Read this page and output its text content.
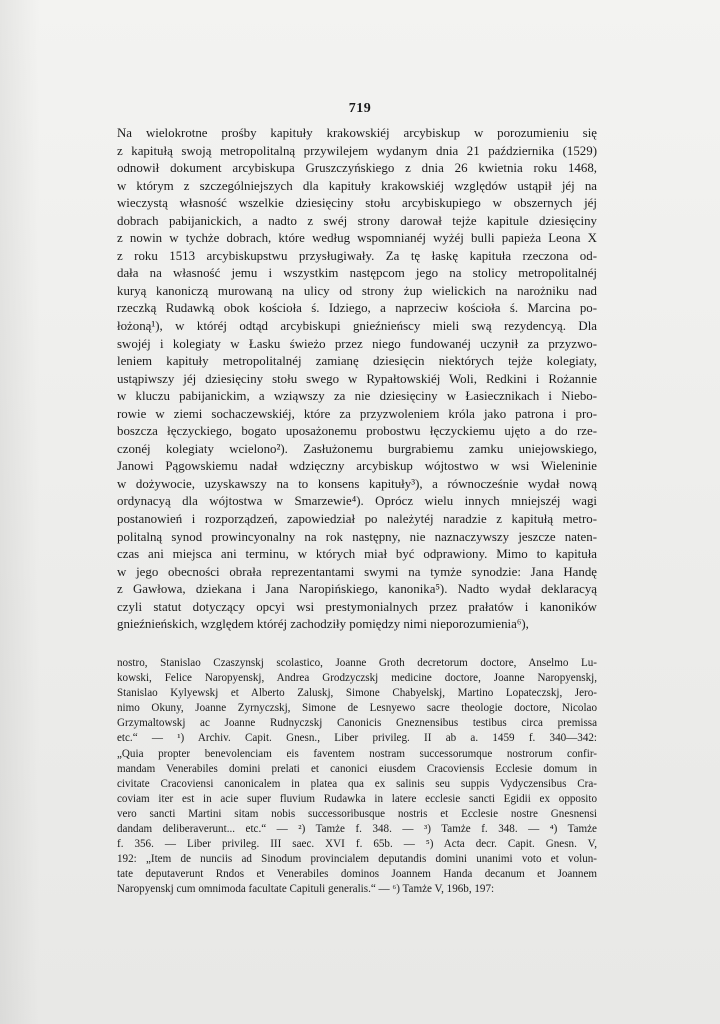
719
Na wielokrotne prośby kapituły krakowskiéj arcybiskup w porozumieniu się
z kapitułą swoją metropolitalną przywilejem wydanym dnia 21 października (1529)
odnowił dokument arcybiskupa Gruszczyńskiego z dnia 26 kwietnia roku 1468,
w którym z szczególniejszych dla kapituły krakowskiéj względów ustąpił jéj na
wieczystą własność wszelkie dziesięciny stołu arcybiskupiego w obszernych jéj
dobrach pabijanickich, a nadto z swéj strony darował tejże kapitule dziesięciny
z nowin w tychże dobrach, które według wspomnianéj wyżéj bulli papieża Leona X
z roku 1513 arcybiskupstwu przysługiwały. Za tę łaskę kapituła rzeczona od-
dała na własność jemu i wszystkim następcom jego na stolicy metropolitalnéj
kuryą kanoniczą murowaną na ulicy od strony żup wielickich na narożniku nad
rzeczką Rudawką obok kościoła ś. Idziego, a naprzeciw kościoła ś. Marcina po-
łożoną¹), w któréj odtąd arcybiskupi gnieźnieńscy mieli swą rezydencyą. Dla
swojéj i kolegiaty w Łasku świeżo przez niego fundowanéj uczynił za przyzwo-
leniem kapituły metropolitalnéj zamianę dziesięcin niektórych tejże kolegiaty,
ustąpiwszy jéj dziesięciny stołu swego w Rypałtowskiéj Woli, Redkini i Rożannie
w kluczu pabijanickim, a wziąwszy za nie dziesięciny w Łasiecznikach i Niebo-
rowie w ziemi sochaczewskiéj, które za przyzwoleniem króla jako patrona i pro-
boszcza łęczyckiego, bogato uposażonemu probostwu łęczyckiemu ujęto a do rze-
czonéj kolegiaty wcielono²). Zasłużonemu burgrabiemu zamku uniejowskiego,
Janowi Pągowskiemu nadał wdzięczny arcybiskup wójtostwo w wsi Wieleninie
w dożywocie, uzyskawszy na to konsens kapituły³), a równocześnie wydał nową
ordynacyą dla wójtostwa w Smarzewie⁴). Oprócz wielu innych mniejszéj wagi
postanowień i rozporządzeń, zapowiedział po należytéj naradzie z kapitułą metro-
politalną synod prowincyonalny na rok następny, nie naznaczywszy jeszcze naten-
czas ani miejsca ani terminu, w których miał być odprawiony. Mimo to kapituła
w jego obecności obrała reprezentantami swymi na tymże synodzie: Jana Handę
z Gawłowa, dziekana i Jana Naropińskiego, kanonika⁵). Nadto wydał deklaracyą
czyli statut dotyczący opcyi wsi prestymonialnych przez prałatów i kanoników
gnieźnieńskich, względem któréj zachodziły pomiędzy nimi nieporozumienia⁶),
nostro, Stanislao Czaszynskj scolastico, Joanne Groth decretorum doctore, Anselmo Lu-
kowski, Felice Naropyenskj, Andrea Grodzyczskj medicine doctore, Joanne Naropyenskj,
Stanislao Kylyewskj et Alberto Zaluskj, Simone Chabyelskj, Martino Lopateczskj, Jero-
nimo Okuny, Joanne Zyrnyczskj, Simone de Lesnyewo sacre theologie doctore, Nicolao
Grzymaltowskj ac Joanne Rudnyczskj Canonicis Gneznensibus testibus circa premissa
etc.“ — ¹) Archiv. Capit. Gnesn., Liber privileg. II ab a. 1459 f. 340—342:
„Quia propter benevolenciam eis faventem nostram successorumque nostrorum confir-
mandam Venerabiles domini prelati et canonici eiusdem Cracoviensis Ecclesie domum in
civitate Cracoviensi canonicalem in platea qua ex salinis seu suppis Vydyczensibus Cra-
coviam iter est in acie super fluvium Rudawka in latere ecclesie sancti Egidii ex opposito
vero sancti Martini sitam nobis successoribusque nostris et Ecclesie nostre Gnesnensi
dandam deliberaverunt... etc.“ — ²) Tamże f. 348. — ³) Tamże f. 348. — ⁴) Tamże
f. 356. — Liber privileg. III saec. XVI f. 65b. — ⁵) Acta decr. Capit. Gnesn. V,
192: „Item de nunciis ad Sinodum provincialem deputandis domini unanimi voto et volun-
tate deputaverunt Rndos et Venerabiles dominos Joannem Handa decanum et Joannem
Naropyenskj cum omnimoda facultate Capituli generalis.“ — ⁶) Tamże V, 196b, 197:
